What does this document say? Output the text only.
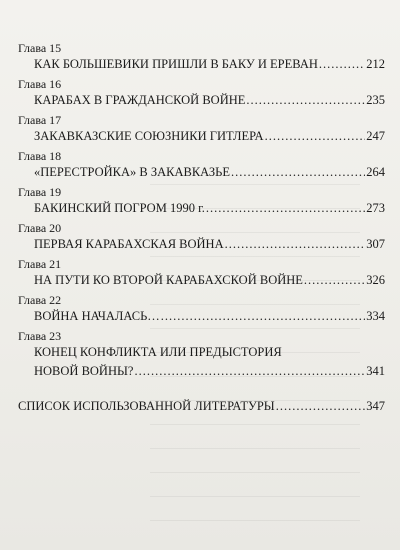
Глава 15
КАК БОЛЬШЕВИКИ ПРИШЛИ В БАКУ И ЕРЕВАН .....	212
Глава 16
КАРАБАХ В ГРАЖДАНСКОЙ ВОЙНЕ .....	235
Глава 17
ЗАКАВКАЗСКИЕ СОЮЗНИКИ ГИТЛЕРА .....	247
Глава 18
«ПЕРЕСТРОЙКА» В ЗАКАВКАЗЬЕ .....	264
Глава 19
БАКИНСКИЙ ПОГРОМ 1990 г. .....	273
Глава 20
ПЕРВАЯ КАРАБАХСКАЯ ВОЙНА .....	307
Глава 21
НА ПУТИ КО ВТОРОЙ КАРАБАХСКОЙ ВОЙНЕ .....	326
Глава 22
ВОЙНА НАЧАЛАСЬ… .....	334
Глава 23
КОНЕЦ КОНФЛИКТА ИЛИ ПРЕДЫСТОРИЯ
НОВОЙ ВОЙНЫ? .....	341
СПИСОК ИСПОЛЬЗОВАННОЙ ЛИТЕРАТУРЫ .....	347
